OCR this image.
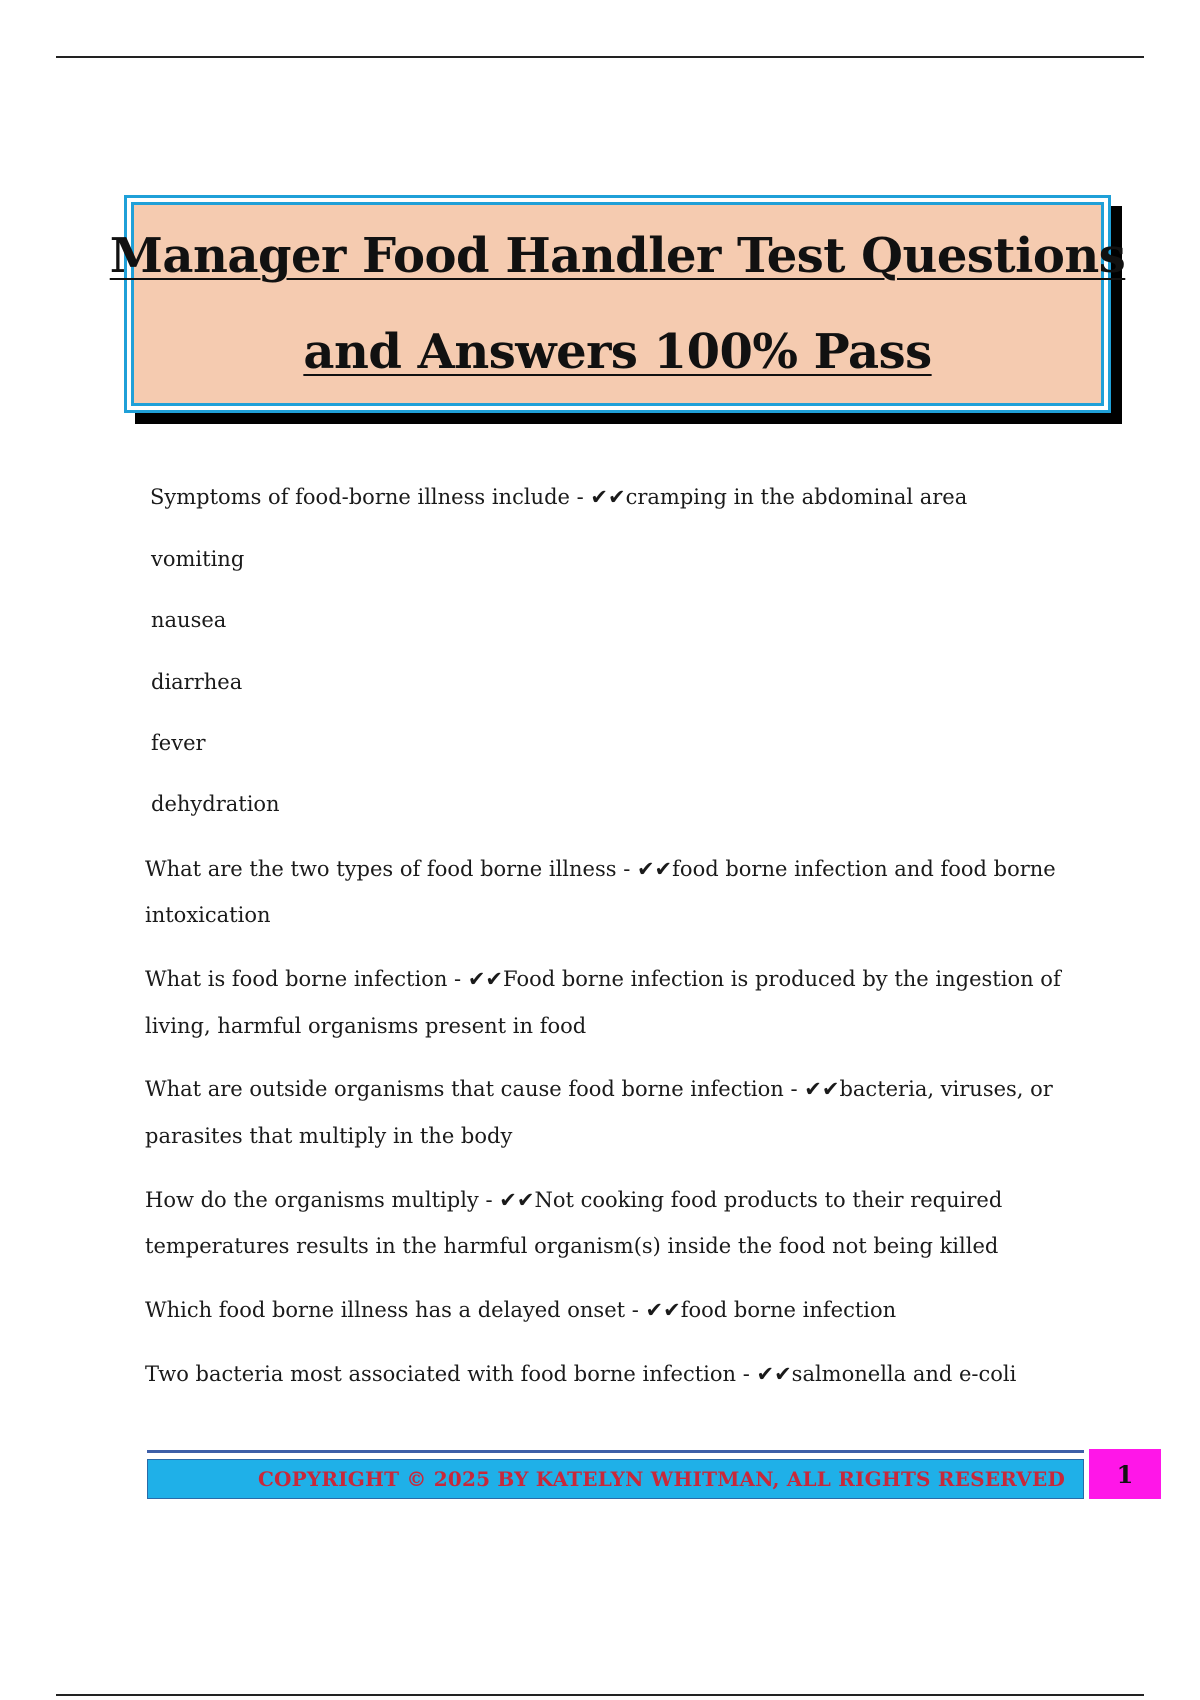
Manager Food Handler Test Questions
and Answers 100% Pass
Symptoms of food-borne illness include - ✔✔cramping in the abdominal area
vomiting
nausea
diarrhea
fever
dehydration
What are the two types of food borne illness - ✔✔food borne infection and food borne
intoxication
What is food borne infection - ✔✔Food borne infection is produced by the ingestion of
living, harmful organisms present in food
What are outside organisms that cause food borne infection - ✔✔bacteria, viruses, or
parasites that multiply in the body
How do the organisms multiply - ✔✔Not cooking food products to their required
temperatures results in the harmful organism(s) inside the food not being killed
Which food borne illness has a delayed onset - ✔✔food borne infection
Two bacteria most associated with food borne infection - ✔✔salmonella and e-coli
COPYRIGHT © 2025 BY KATELYN WHITMAN, ALL RIGHTS RESERVED	1
